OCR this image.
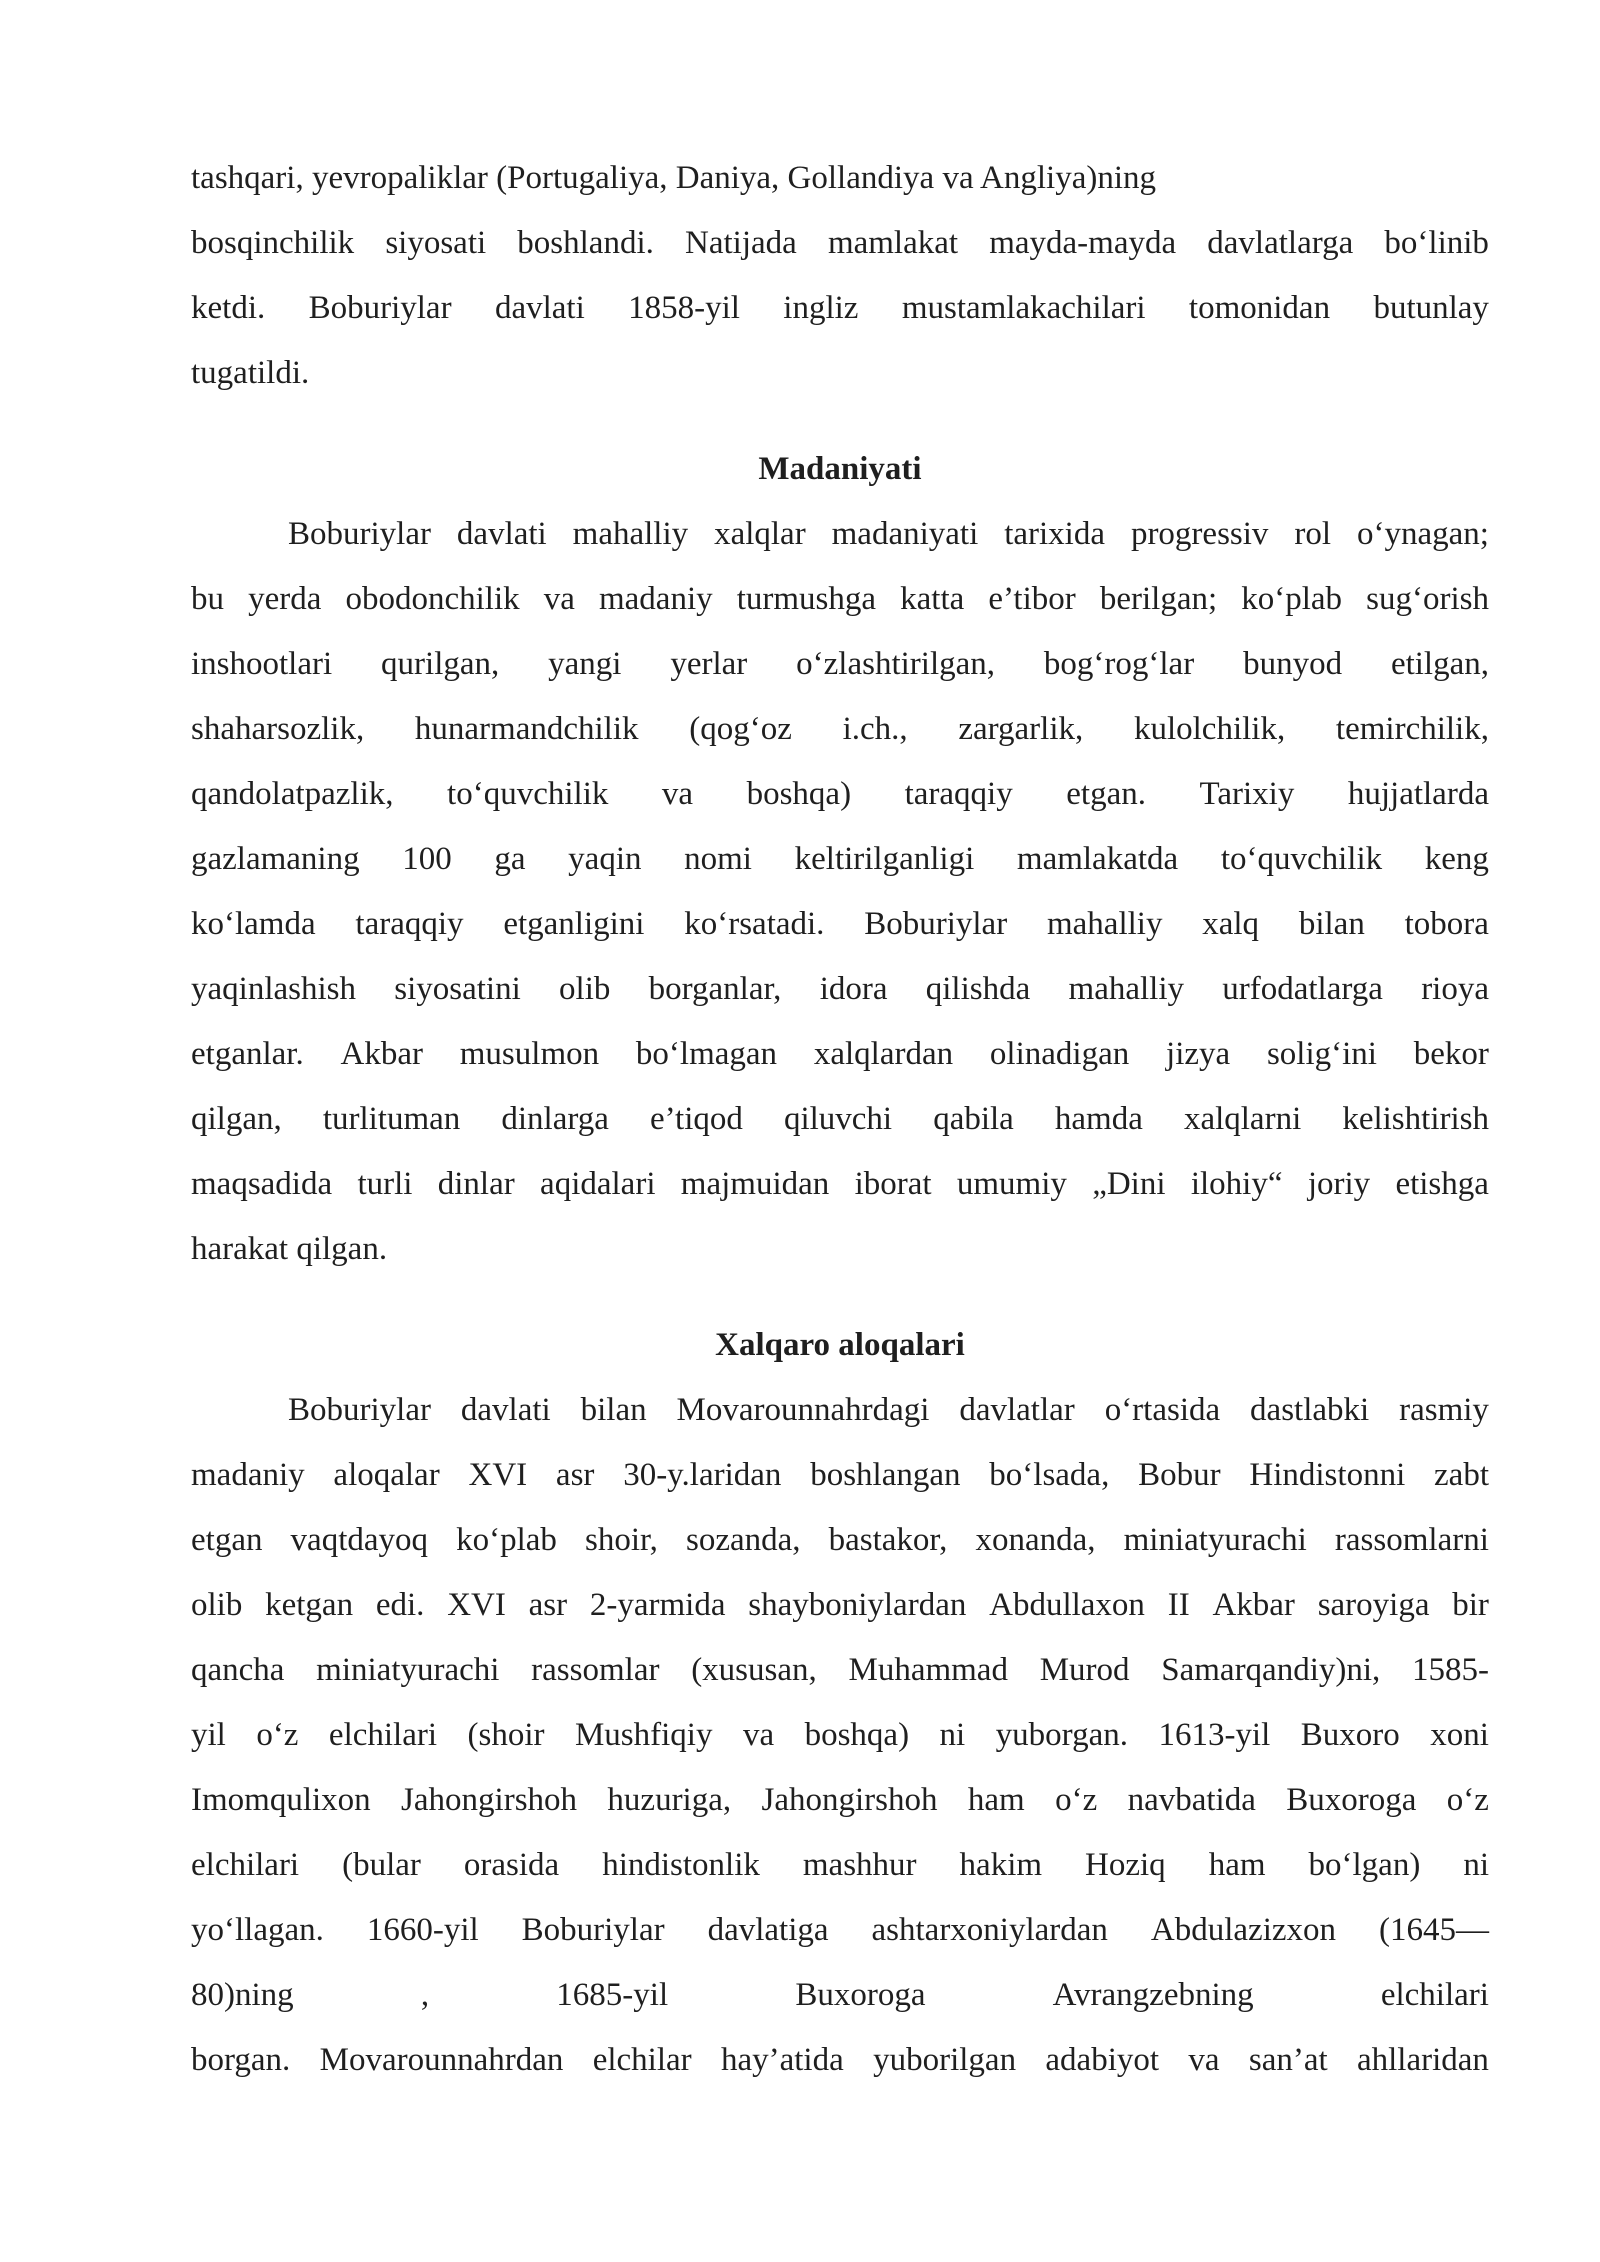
tashqari, yevropaliklar (Portugaliya, Daniya, Gollandiya va Angliya)ning
bosqinchilik siyosati boshlandi. Natijada mamlakat mayda-mayda davlatlarga bo‘linib
ketdi. Boburiylar davlati 1858-yil ingliz mustamlakachilari tomonidan butunlay
tugatildi.
Madaniyati
Boburiylar davlati mahalliy xalqlar madaniyati tarixida progressiv rol o‘ynagan;
bu yerda obodonchilik va madaniy turmushga katta e’tibor berilgan; ko‘plab sug‘orish
inshootlari qurilgan, yangi yerlar o‘zlashtirilgan, bog‘rog‘lar bunyod etilgan,
shaharsozlik, hunarmandchilik (qog‘oz i.ch., zargarlik, kulolchilik, temirchilik,
qandolatpazlik, to‘quvchilik va boshqa) taraqqiy etgan. Tarixiy hujjatlarda
gazlamaning 100 ga yaqin nomi keltirilganligi mamlakatda to‘quvchilik keng
ko‘lamda taraqqiy etganligini ko‘rsatadi. Boburiylar mahalliy xalq bilan tobora
yaqinlashish siyosatini olib borganlar, idora qilishda mahalliy urfodatlarga rioya
etganlar. Akbar musulmon bo‘lmagan xalqlardan olinadigan jizya solig‘ini bekor
qilgan, turlituman dinlarga e’tiqod qiluvchi qabila hamda xalqlarni kelishtirish
maqsadida turli dinlar aqidalari majmuidan iborat umumiy „Dini ilohiy“ joriy etishga
harakat qilgan.
Xalqaro aloqalari
Boburiylar davlati bilan Movarounnahrdagi davlatlar o‘rtasida dastlabki rasmiy
madaniy aloqalar XVI asr 30-y.laridan boshlangan bo‘lsada, Bobur Hindistonni zabt
etgan vaqtdayoq ko‘plab shoir, sozanda, bastakor, xonanda, miniatyurachi rassomlarni
olib ketgan edi. XVI asr 2-yarmida shayboniylardan Abdullaxon II Akbar saroyiga bir
qancha miniatyurachi rassomlar (xususan, Muhammad Murod Samarqandiy)ni, 1585-
yil o‘z elchilari (shoir Mushfiqiy va boshqa) ni yuborgan. 1613-yil Buxoro xoni
Imomqulixon Jahongirshoh huzuriga, Jahongirshoh ham o‘z navbatida Buxoroga o‘z
elchilari (bular orasida hindistonlik mashhur hakim Hoziq ham bo‘lgan) ni
yo‘llagan. 1660-yil Boburiylar davlatiga ashtarxoniylardan Abdulazizxon (1645—
80)ning	,	1685-yil	Buxoroga	Avrangzebning	elchilari
borgan. Movarounnahrdan elchilar hay’atida yuborilgan adabiyot va san’at ahllaridan
